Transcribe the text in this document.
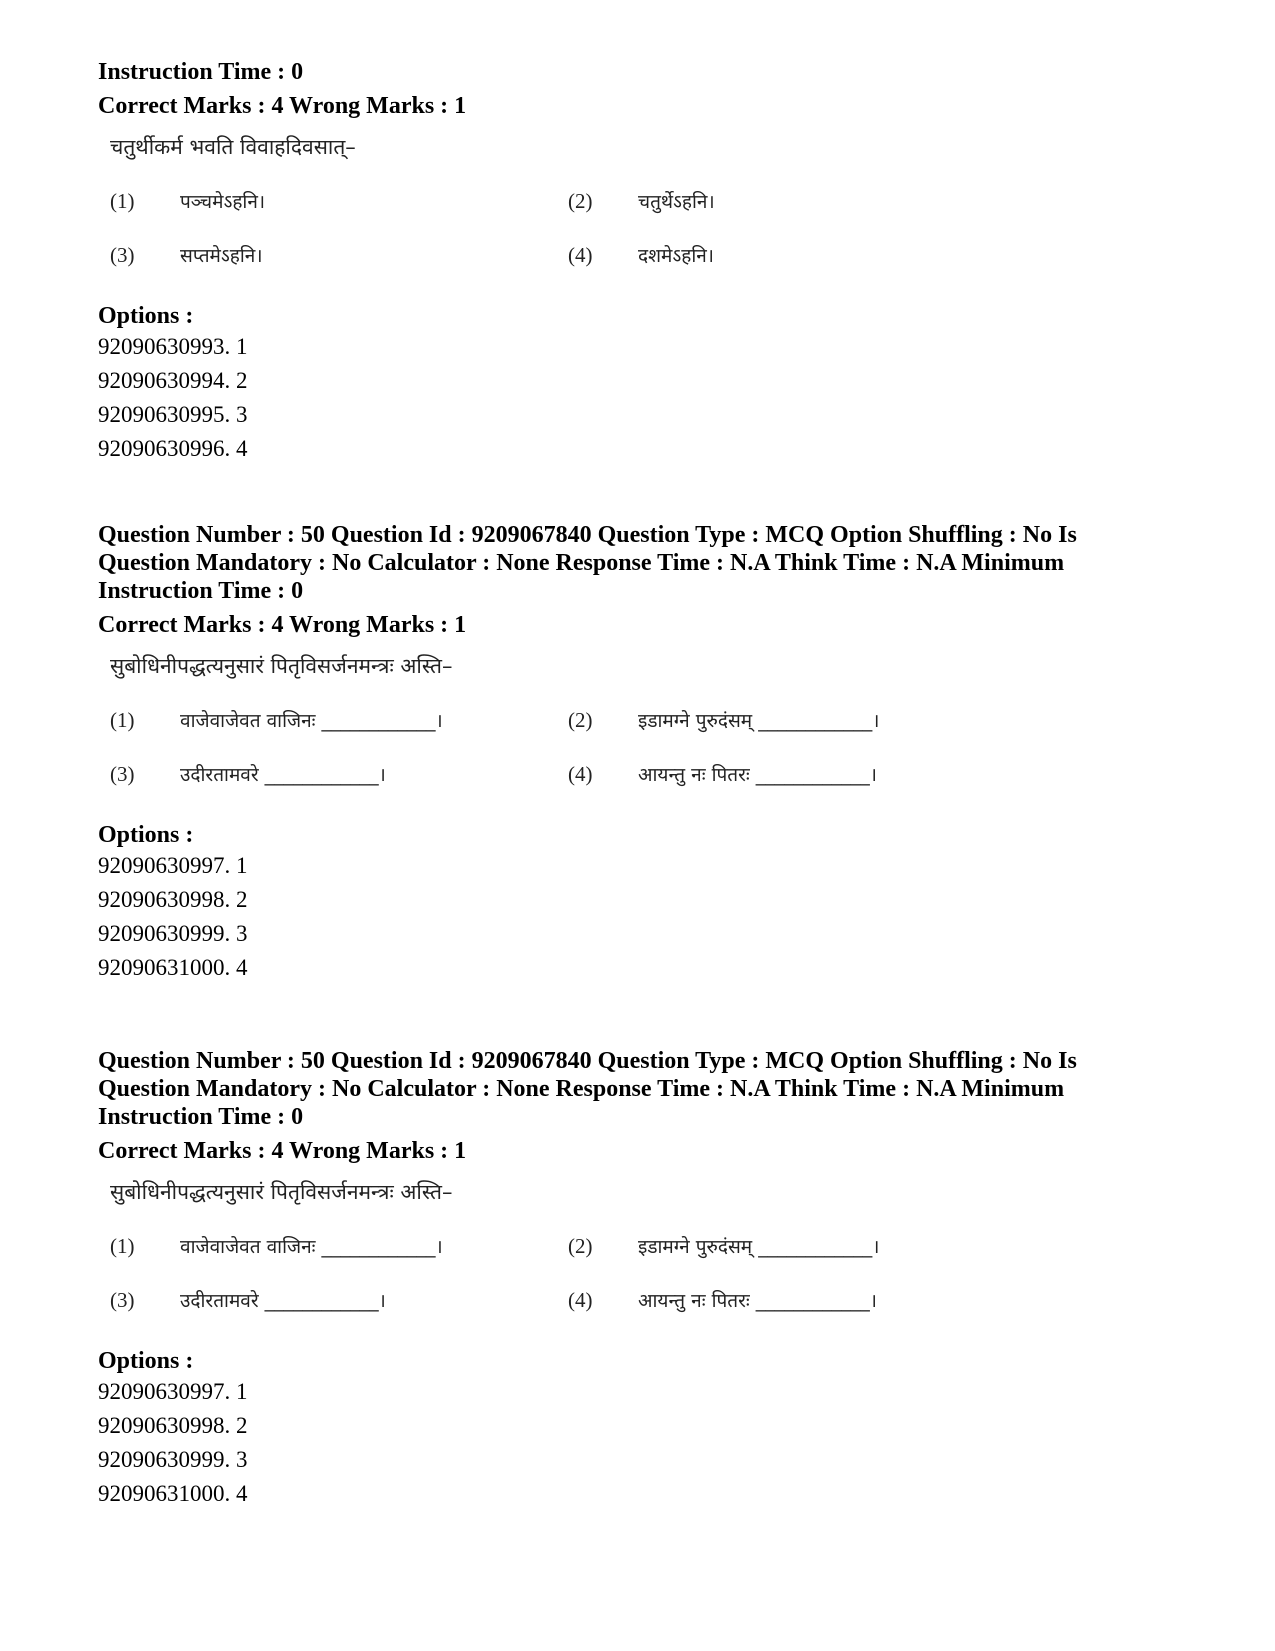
Instruction Time : 0

Correct Marks : 4 Wrong Marks : 1
चतुर्थीकर्म भवति विवाहदिवसात्–
(1)	पञ्चमेऽहनि।	(2)	चतुर्थेऽहनि।
(3)	सप्तमेऽहनि।	(4)	दशमेऽहनि।
Options :
92090630993. 1
92090630994. 2
92090630995. 3
92090630996. 4

Question Number : 50 Question Id : 9209067840 Question Type : MCQ Option Shuffling : No Is

Question Mandatory : No Calculator : None Response Time : N.A Think Time : N.A Minimum

Instruction Time : 0

Correct Marks : 4 Wrong Marks : 1
सुबोधिनीपद्धत्यनुसारं पितृविसर्जनमन्त्रः अस्ति–
(1)	वाजेवाजेवत वाजिनः ____________।	(2)	इडामग्ने पुरुदंसम् ____________।
(3)	उदीरतामवरे ____________।	(4)	आयन्तु नः पितरः ____________।
Options :
92090630997. 1
92090630998. 2
92090630999. 3
92090631000. 4

Question Number : 50 Question Id : 9209067840 Question Type : MCQ Option Shuffling : No Is

Question Mandatory : No Calculator : None Response Time : N.A Think Time : N.A Minimum

Instruction Time : 0

Correct Marks : 4 Wrong Marks : 1
सुबोधिनीपद्धत्यनुसारं पितृविसर्जनमन्त्रः अस्ति–
(1)	वाजेवाजेवत वाजिनः ____________।	(2)	इडामग्ने पुरुदंसम् ____________।
(3)	उदीरतामवरे ____________।	(4)	आयन्तु नः पितरः ____________।
Options :
92090630997. 1
92090630998. 2
92090630999. 3
92090631000. 4
